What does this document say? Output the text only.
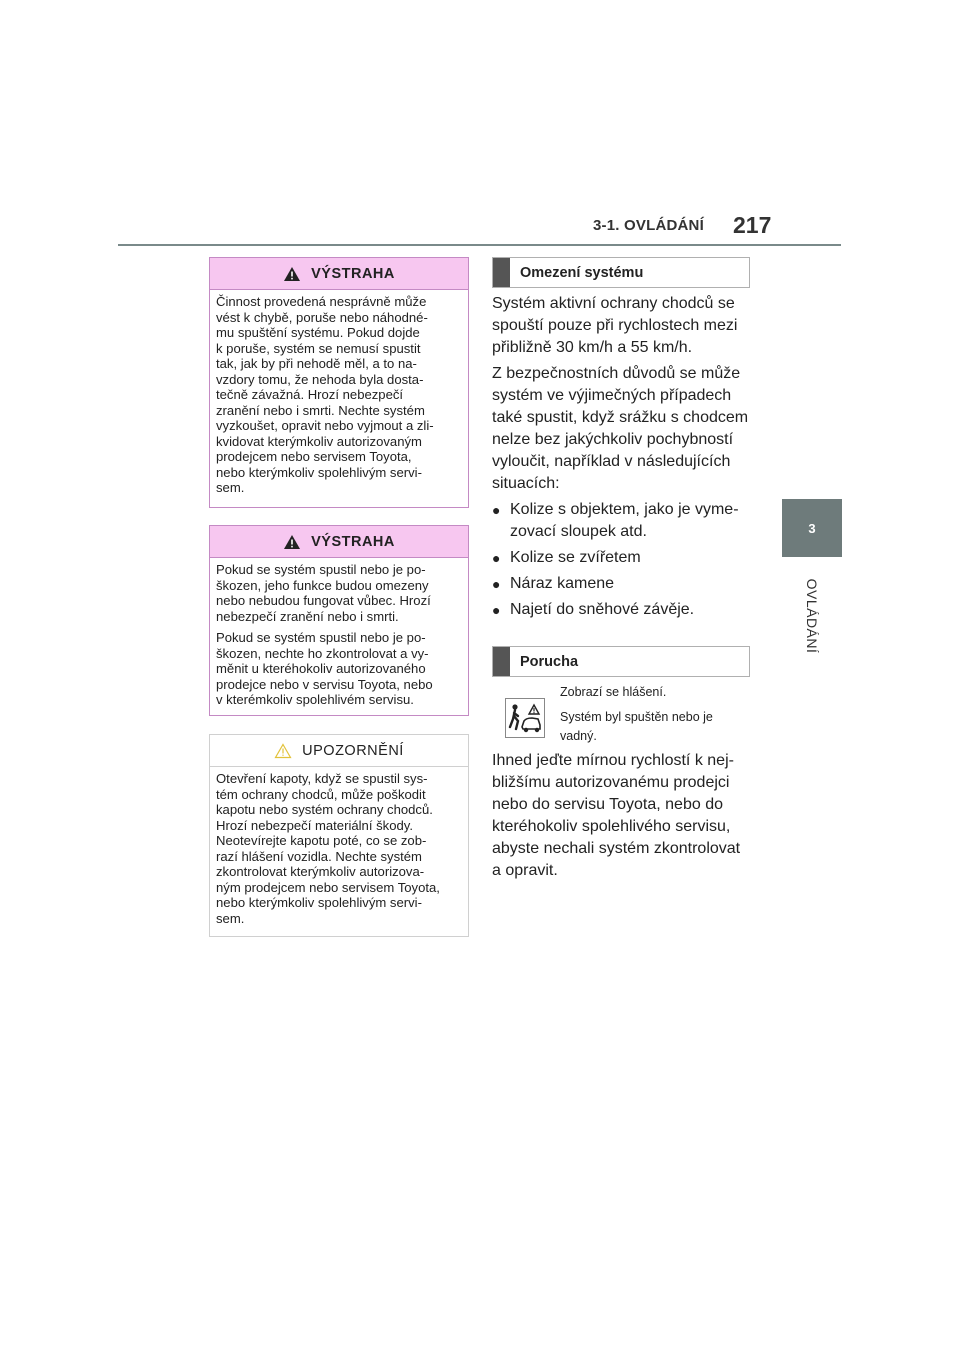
3-1. OVLÁDÁNÍ 217
3
OVLÁDÁNÍ
VÝSTRAHA

Činnost provedená nesprávně může
vést k chybě, poruše nebo náhodné-
mu spuštění systému. Pokud dojde
k poruše, systém se nemusí spustit
tak, jak by při nehodě měl, a to na-
vzdory tomu, že nehoda byla dosta-
tečně závažná. Hrozí nebezpečí
zranění nebo i smrti. Nechte systém
vyzkoušet, opravit nebo vyjmout a zli-
kvidovat kterýmkoliv autorizovaným
prodejcem nebo servisem Toyota,
nebo kterýmkoliv spolehlivým servi-
sem.

VÝSTRAHA

Pokud se systém spustil nebo je po-
škozen, jeho funkce budou omezeny
nebo nebudou fungovat vůbec. Hrozí
nebezpečí zranění nebo i smrti.

Pokud se systém spustil nebo je po-
škozen, nechte ho zkontrolovat a vy-
měnit u kteréhokoliv autorizovaného
prodejce nebo v servisu Toyota, nebo
v kterémkoliv spolehlivém servisu.

UPOZORNĚNÍ

Otevření kapoty, když se spustil sys-
tém ochrany chodců, může poškodit
kapotu nebo systém ochrany chodců.
Hrozí nebezpečí materiální škody.
Neotevírejte kapotu poté, co se zob-
razí hlášení vozidla. Nechte systém
zkontrolovat kterýmkoliv autorizova-
ným prodejcem nebo servisem Toyota,
nebo kterýmkoliv spolehlivým servi-
sem.

Omezení systému
Systém aktivní ochrany chodců se
spouští pouze při rychlostech mezi
přibližně 30 km/h a 55 km/h.
Z bezpečnostních důvodů se může
systém ve výjimečných případech
také spustit, když srážku s chodcem
nelze bez jakýchkoliv pochybností
vyloučit, například v následujících
situacích:
● Kolize s objektem, jako je vyme-
zovací sloupek atd.
● Kolize se zvířetem
● Náraz kamene
● Najetí do sněhové závěje.
Porucha
Zobrazí se hlášení.
Systém byl spuštěn nebo je
vadný.
Ihned jeďte mírnou rychlostí k nej-
bližšímu autorizovanému prodejci
nebo do servisu Toyota, nebo do
kteréhokoliv spolehlivého servisu,
abyste nechali systém zkontrolovat
a opravit.
